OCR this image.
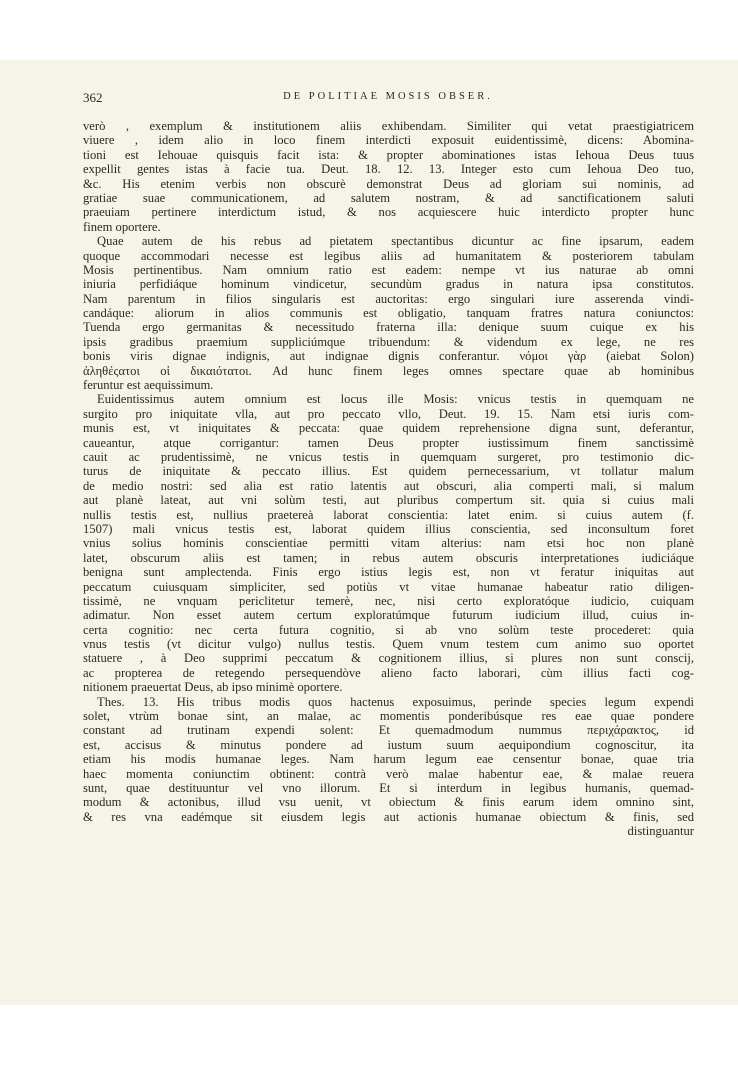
362	DE POLITIAE MOSIS OBSER.
verò , exemplum & institutionem aliis exhibendam. Similiter qui vetat praestigiatricem
viuere , idem alio in loco finem interdicti exposuit euidentissimè, dicens: Abomina-
tioni est Iehouae quisquis facit ista: & propter abominationes istas Iehoua Deus tuus
expellit gentes istas à facie tua. Deut. 18. 12. 13. Integer esto cum Iehoua Deo tuo,
&c. His etenim verbis non obscurè demonstrat Deus ad gloriam sui nominis, ad
gratiae suae communicationem, ad salutem nostram, & ad sanctificationem saluti
praeuiam pertinere interdictum istud, & nos acquiescere huic interdicto propter hunc
finem oportere.
Quae autem de his rebus ad pietatem spectantibus dicuntur ac fine ipsarum, eadem
quoque accommodari necesse est legibus aliis ad humanitatem & posteriorem tabulam
Mosis pertinentibus. Nam omnium ratio est eadem: nempe vt ius naturae ab omni
iniuria perfidiáque hominum vindicetur, secundùm gradus in natura ipsa constitutos.
Nam parentum in filios singularis est auctoritas: ergo singulari iure asserenda vindi-
candáque: aliorum in alios communis est obligatio, tanquam fratres natura coniunctos:
Tuenda ergo germanitas & necessitudo fraterna illa: denique suum cuique ex his
ipsis gradibus praemium suppliciúmque tribuendum: & videndum ex lege, ne res
bonis viris dignae indignis, aut indignae dignis conferantur. νόμοι γὰρ (aiebat Solon)
ἀληθέςατοι οἱ δικαιότατοι. Ad hunc finem leges omnes spectare quae ab hominibus
feruntur est aequissimum.
Euidentissimus autem omnium est locus ille Mosis: vnicus testis in quemquam ne
surgito pro iniquitate vlla, aut pro peccato vllo, Deut. 19. 15. Nam etsi iuris com-
munis est, vt iniquitates & peccata: quae quidem reprehensione digna sunt, deferantur,
caueantur, atque corrigantur: tamen Deus propter iustissimum finem sanctissimè
cauit ac prudentissimè, ne vnicus testis in quemquam surgeret, pro testimonio dic-
turus de iniquitate & peccato illius. Est quidem pernecessarium, vt tollatur malum
de medio nostri: sed alia est ratio latentis aut obscuri, alia comperti mali, si malum
aut planè lateat, aut vni solùm testi, aut pluribus compertum sit. quia si cuius mali
nullis testis est, nullius praetereà laborat conscientia: latet enim. si cuius autem (f.
1507) mali vnicus testis est, laborat quidem illius conscientia, sed inconsultum foret
vnius solius hominis conscientiae permitti vitam alterius: nam etsi hoc non planè
latet, obscurum aliis est tamen; in rebus autem obscuris interpretationes iudiciáque
benigna sunt amplectenda. Finis ergo istius legis est, non vt feratur iniquitas aut
peccatum cuiusquam simpliciter, sed potiùs vt vitae humanae habeatur ratio diligen-
tissimè, ne vnquam periclitetur temerè, nec, nisi certo exploratóque iudicio, cuiquam
adimatur. Non esset autem certum exploratúmque futurum iudicium illud, cuius in-
certa cognitio: nec certa futura cognitio, si ab vno solùm teste procederet: quia
vnus testis (vt dicitur vulgo) nullus testis. Quem vnum testem cum animo suo oportet
statuere , à Deo supprimi peccatum & cognitionem illius, si plures non sunt conscij,
ac propterea de retegendo persequendòve alieno facto laborari, cùm illius facti cog-
nitionem praeuertat Deus, ab ipso minimè oportere.
Thes. 13. His tribus modis quos hactenus exposuimus, perinde species legum expendi
solet, vtrùm bonae sint, an malae, ac momentis ponderibúsque res eae quae pondere
constant ad trutinam expendi solent: Et quemadmodum nummus περιχάρακτος, id
est, accisus & minutus pondere ad iustum suum aequipondium cognoscitur, ita
etiam his modis humanae leges. Nam harum legum eae censentur bonae, quae tria
haec momenta coniunctim obtinent: contrà verò malae habentur eae, & malae reuera
sunt, quae destituuntur vel vno illorum. Et si interdum in legibus humanis, quemad-
modum & actonibus, illud vsu uenit, vt obiectum & finis earum idem omnino sint,
& res vna eadémque sit eiusdem legis aut actionis humanae obiectum & finis, sed
distinguantur
